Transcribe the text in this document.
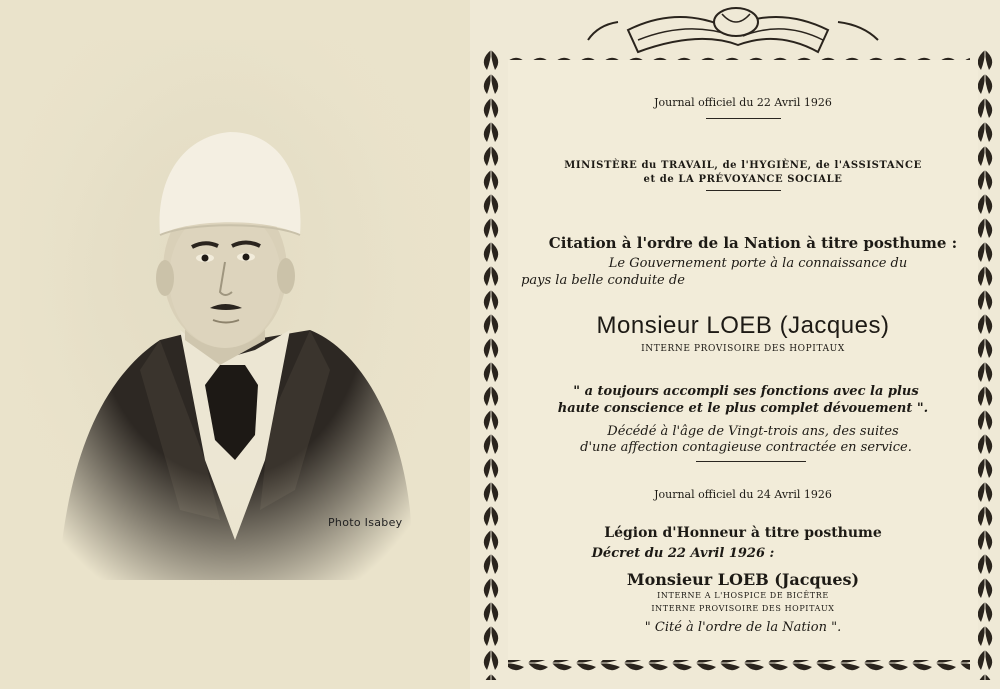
Photo Isabey
Journal officiel du 22 Avril 1926
MINISTÈRE du TRAVAIL, de l'HYGIÈNE, de l'ASSISTANCE
et de LA PRÉVOYANCE SOCIALE
Citation à l'ordre de la Nation à titre posthume :
Le Gouvernement porte à la connaissance du
pays la belle conduite de
Monsieur LOEB (Jacques)
INTERNE PROVISOIRE DES HOPITAUX
" a toujours accompli ses fonctions avec la plus
haute conscience et le plus complet dévouement ".
Décédé à l'âge de Vingt-trois ans, des suites
d'une affection contagieuse contractée en service.
Journal officiel du 24 Avril 1926
Légion d'Honneur à titre posthume
Décret du 22 Avril 1926 :
Monsieur LOEB (Jacques)
INTERNE A L'HOSPICE DE BICÊTRE
INTERNE PROVISOIRE DES HOPITAUX
" Cité à l'ordre de la Nation ".
